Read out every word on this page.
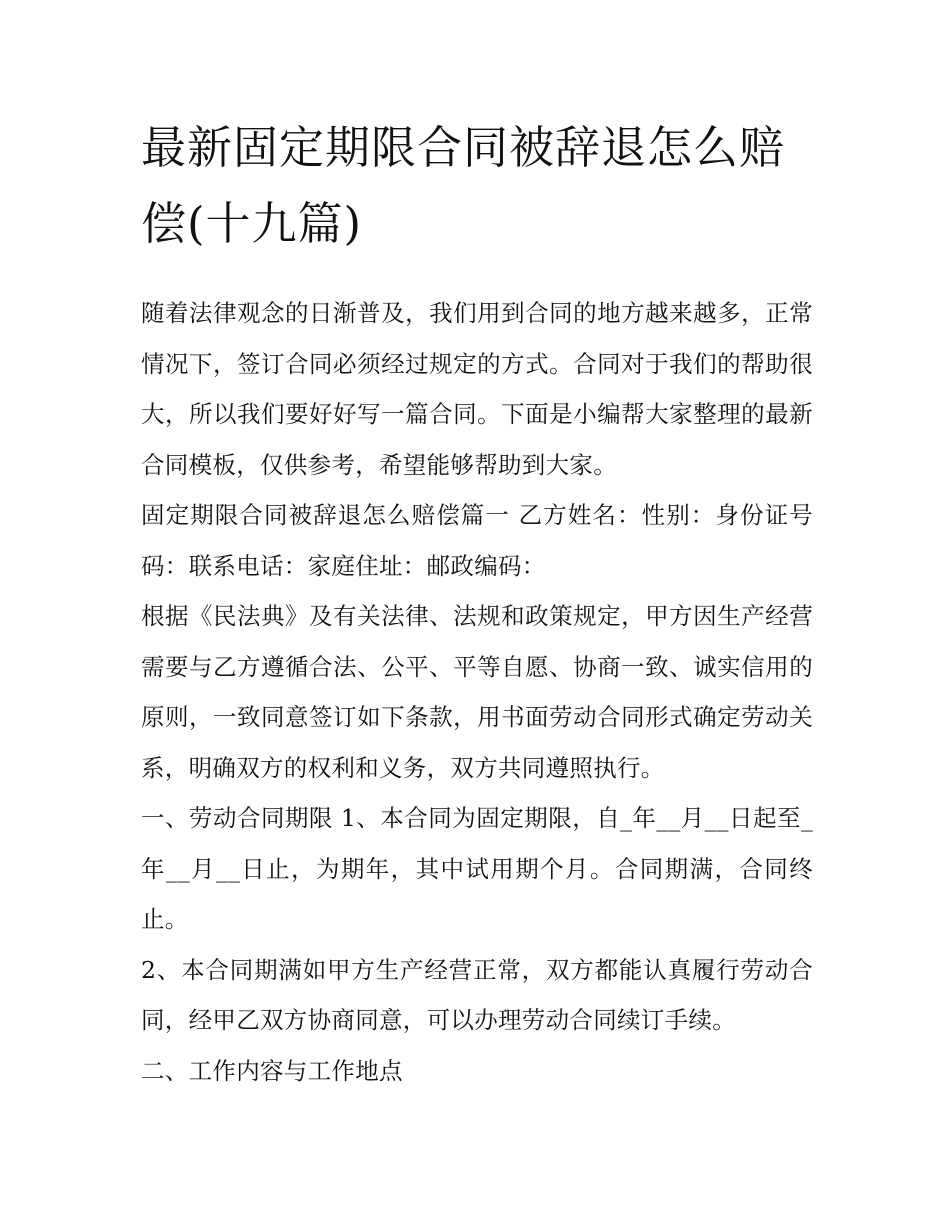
最新固定期限合同被辞退怎么赔偿(十九篇)

随着法律观念的日渐普及，我们用到合同的地方越来越多，正常情况下，签订合同必须经过规定的方式。合同对于我们的帮助很大，所以我们要好好写一篇合同。下面是小编帮大家整理的最新合同模板，仅供参考，希望能够帮助到大家。

固定期限合同被辞退怎么赔偿篇一 乙方姓名：性别：身份证号码：联系电话：家庭住址：邮政编码：

根据《民法典》及有关法律、法规和政策规定，甲方因生产经营需要与乙方遵循合法、公平、平等自愿、协商一致、诚实信用的原则，一致同意签订如下条款，用书面劳动合同形式确定劳动关系，明确双方的权利和义务，双方共同遵照执行。

一、劳动合同期限 1、本合同为固定期限，自_年__月__日起至_年__月__日止，为期年，其中试用期个月。合同期满，合同终止。

2、本合同期满如甲方生产经营正常，双方都能认真履行劳动合同，经甲乙双方协商同意，可以办理劳动合同续订手续。

二、工作内容与工作地点
